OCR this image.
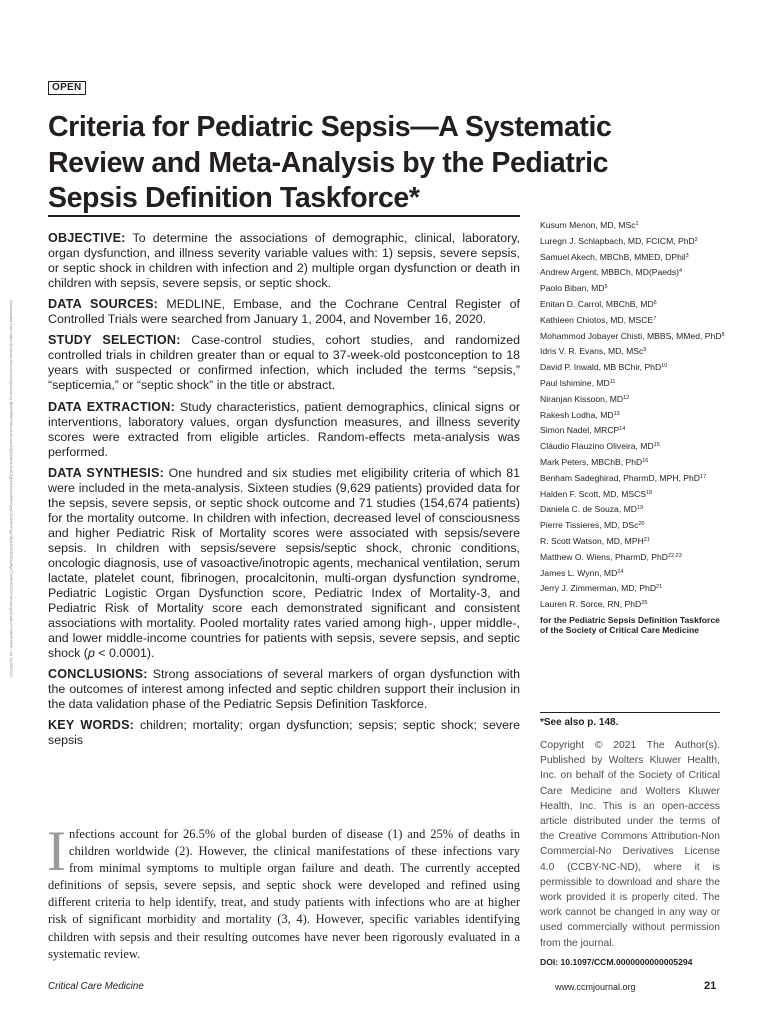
OPEN
Criteria for Pediatric Sepsis—A Systematic Review and Meta-Analysis by the Pediatric Sepsis Definition Taskforce*
Downloaded from https://journals.lww.com/ccmjournal by BhDMf5ePHKav1zEoum1tQfN4a+kJLhEZgbsIHo4XMi0hCywCX1AWnYQp/IlQrHD3i3D0OdRyi7TvSFl4Cf3VC4/OAVpDDa8K2+Ya6H515kE= on 01/18/2022

OBJECTIVE: To determine the associations of demographic, clinical, laboratory, organ dysfunction, and illness severity variable values with: 1) sepsis, severe sepsis, or septic shock in children with infection and 2) multiple organ dysfunction or death in children with sepsis, severe sepsis, or septic shock.

DATA SOURCES: MEDLINE, Embase, and the Cochrane Central Register of Controlled Trials were searched from January 1, 2004, and November 16, 2020.

STUDY SELECTION: Case-control studies, cohort studies, and randomized controlled trials in children greater than or equal to 37-week-old postconception to 18 years with suspected or confirmed infection, which included the terms “sepsis,” “septicemia,” or “septic shock” in the title or abstract.

DATA EXTRACTION: Study characteristics, patient demographics, clinical signs or interventions, laboratory values, organ dysfunction measures, and illness severity scores were extracted from eligible articles. Random-effects meta-analysis was performed.

DATA SYNTHESIS: One hundred and six studies met eligibility criteria of which 81 were included in the meta-analysis. Sixteen studies (9,629 patients) provided data for the sepsis, severe sepsis, or septic shock outcome and 71 studies (154,674 patients) for the mortality outcome. In children with infection, decreased level of consciousness and higher Pediatric Risk of Mortality scores were associated with sepsis/severe sepsis. In children with sepsis/severe sepsis/septic shock, chronic conditions, oncologic diagnosis, use of vasoactive/inotropic agents, mechanical ventilation, serum lactate, platelet count, fibrinogen, procalcitonin, multi-organ dysfunction syndrome, Pediatric Logistic Organ Dysfunction score, Pediatric Index of Mortality-3, and Pediatric Risk of Mortality score each demonstrated significant and consistent associations with mortality. Pooled mortality rates varied among high-, upper middle-, and lower middle-income countries for patients with sepsis, severe sepsis, and septic shock (p < 0.0001).

CONCLUSIONS: Strong associations of several markers of organ dysfunction with the outcomes of interest among infected and septic children support their inclusion in the data validation phase of the Pediatric Sepsis Definition Taskforce.

KEY WORDS: children; mortality; organ dysfunction; sepsis; septic shock; severe sepsis

Infections account for 26.5% of the global burden of disease (1) and 25% of deaths in children worldwide (2). However, the clinical manifestations of these infections vary from minimal symptoms to multiple organ failure and death. The currently accepted definitions of sepsis, severe sepsis, and septic shock were developed and refined using different criteria to help identify, treat, and study patients with infections who are at higher risk of significant morbidity and mortality (3, 4). However, specific variables identifying children with sepsis and their resulting outcomes have never been rigorously evaluated in a systematic review.

Kusum Menon, MD, MSc$^1$
Luregn J. Schlapbach, MD, FCICM, PhD$^2$
Samuel Akech, MBChB, MMED, DPhil$^3$
Andrew Argent, MBBCh, MD(Paeds)$^4$
Paolo Biban, $MD^5$
Enitan D. Carrol, MBChB, $MD^6$
Kathleen Chiotos, MD, MSCE$^7$
Mohammod Jobayer Chisti, MBBS, MMed, PhD$^8$
Idris V. R. Evans, MD, MSc$^9$
David P. Inwald, MB BChir, PhD$^{10}$
Paul Ishimine, MD$^{11}$
Niranjan Kissoon, MD$^{12}$
Rakesh Lodha, MD$^{13}$
Simon Nadel, MRCP$^{14}$
Cláudio Flauzino Oliveira, MD$^{15}$
Mark Peters, MBChB, PhD$^{16}$
Benham Sadeghirad, PharmD, MPH, PhD$^{17}$
Halden F. Scott, MD, MSCS$^{18}$
Daniela C. de Souza, MD$^{19}$
Pierre Tissieres, MD, DSc$^{20}$
R. Scott Watson, MD, MPH$^{21}$
Matthew O. Wiens, PharmD, PhD$^{22,23}$
James L. Wynn, MD$^{24}$
Jerry J. Zimmerman, MD, PhD$^{21}$
Lauren R. Sorce, RN, PhD$^{25}$
for the Pediatric Sepsis Definition Taskforce of the Society of Critical Care Medicine
*See also p. 148.

Copyright © 2021 The Author(s). Published by Wolters Kluwer Health, Inc. on behalf of the Society of Critical Care Medicine and Wolters Kluwer Health, Inc. This is an open-access article distributed under the terms of the Creative Commons Attribution-Non Commercial-No Derivatives License 4.0 (CCBY-NC-ND), where it is permissible to download and share the work provided it is properly cited. The work cannot be changed in any way or used commercially without permission from the journal.

DOI: 10.1097/CCM.0000000000005294
Critical Care Medicine	www.ccmjournal.org	21
